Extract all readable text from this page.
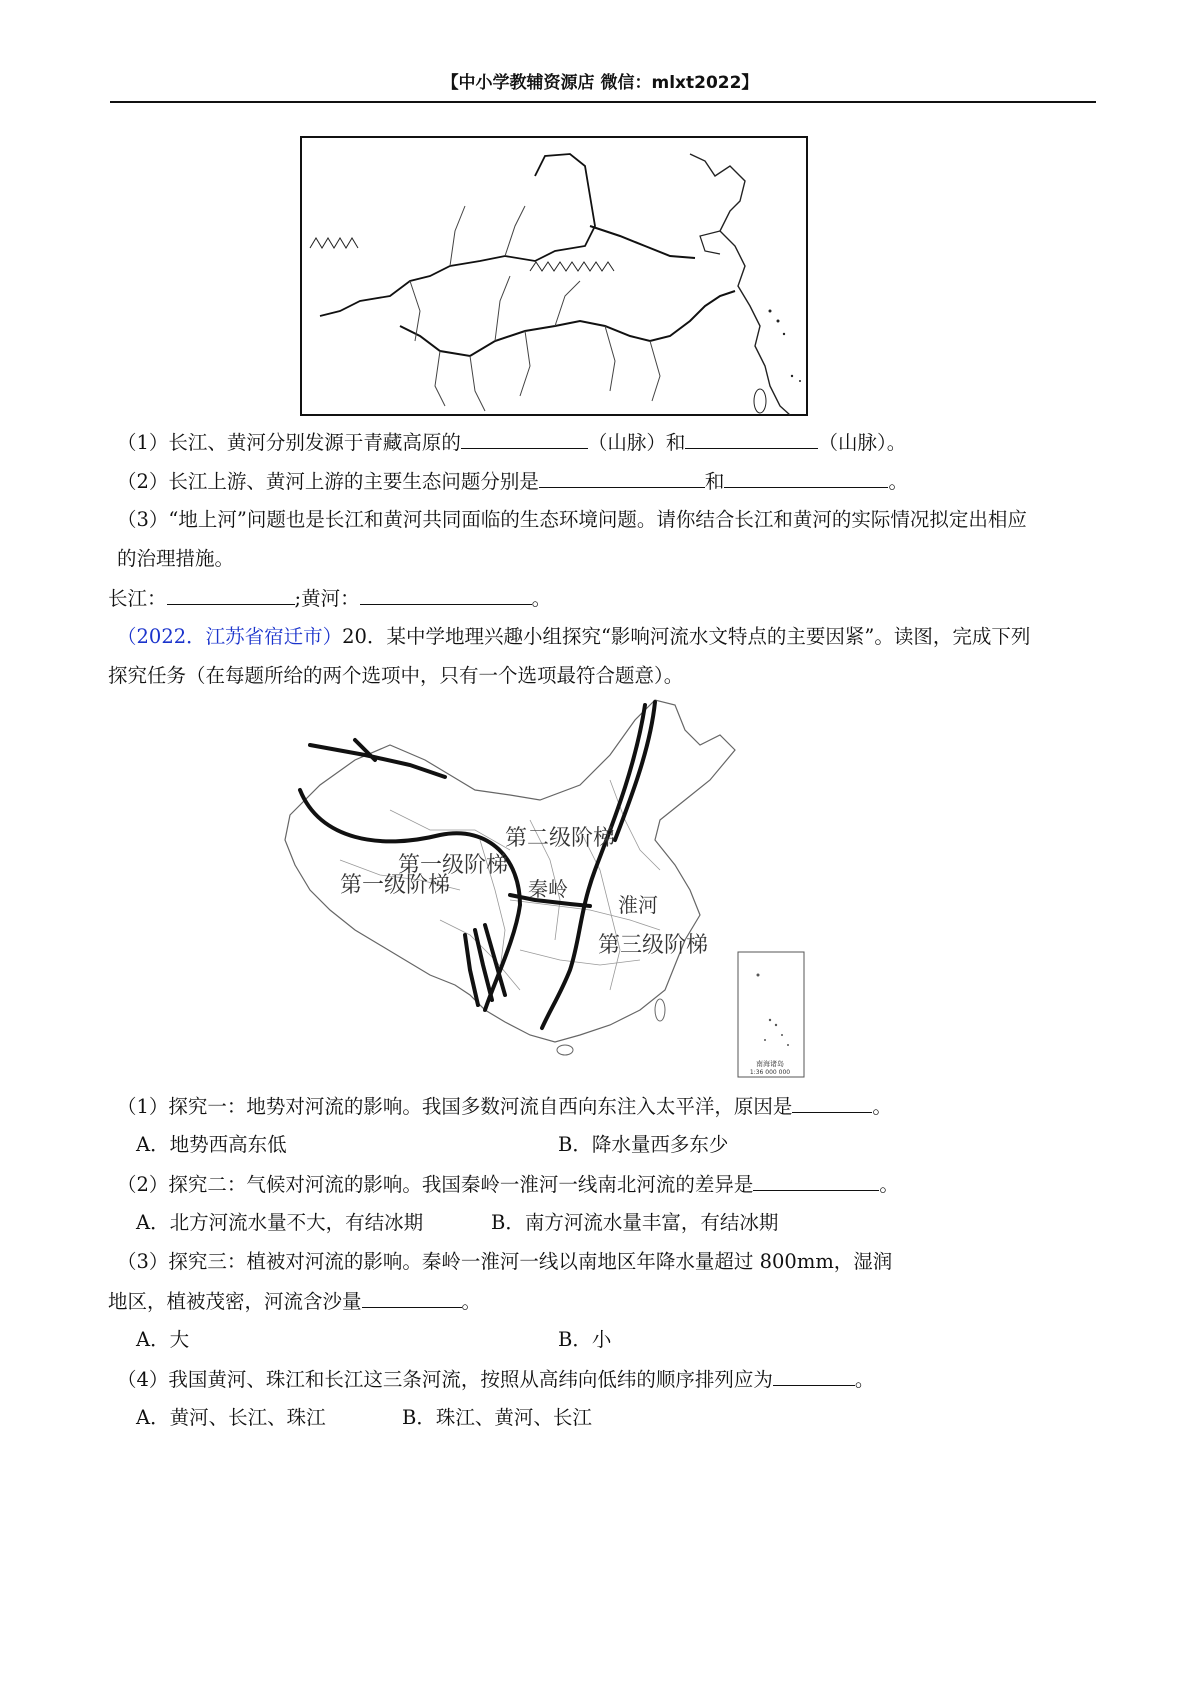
【中小学教辅资源店 微信：mlxt2022】
（1）长江、黄河分别发源于青藏高原的	（山脉）和	（山脉）。
（2）长江上游、黄河上游的主要生态问题分别是	和	。
（3）“地上河”问题也是长江和黄河共同面临的生态环境问题。请你结合长江和黄河的实际情况拟定出相应
的治理措施。
长江：	;黄河：	。
（2022．江苏省宿迁市）20．某中学地理兴趣小组探究“影响河流水文特点的主要因紧”。读图，完成下列
探究任务（在每题所给的两个选项中，只有一个选项最符合题意）。
第二级阶梯
第一级阶梯
第一级阶梯	秦岭
淮河
第三级阶梯
南海诸岛
1:36 000 000
（1）探究一：地势对河流的影响。我国多数河流自西向东注入太平洋，原因是	。
A．地势西高东低	B．降水量西多东少
（2）探究二：气候对河流的影响。我国秦岭一淮河一线南北河流的差异是	。
A．北方河流水量不大，有结冰期	B．南方河流水量丰富，有结冰期
（3）探究三：植被对河流的影响。秦岭一淮河一线以南地区年降水量超过 800mm，湿润
地区，植被茂密，河流含沙量	。
A．大	B．小
（4）我国黄河、珠江和长江这三条河流，按照从高纬向低纬的顺序排列应为	。
A．黄河、长江、珠江	B．珠江、黄河、长江
